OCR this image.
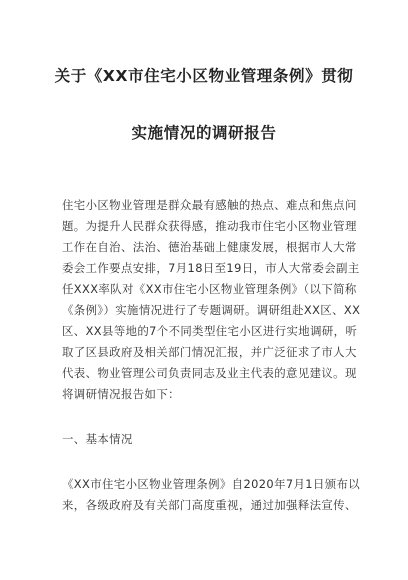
关于《XX市住宅小区物业管理条例》贯彻
实施情况的调研报告
住宅小区物业管理是群众最有感触的热点、难点和焦点问
题。为提升人民群众获得感，推动我市住宅小区物业管理
工作在自治、法治、德治基础上健康发展，根据市人大常
委会工作要点安排，7月18日至19日，市人大常委会副主
任XXX率队对《XX市住宅小区物业管理条例》（以下简称
《条例》）实施情况进行了专题调研。调研组赴XX区、XX
区、XX县等地的7个不同类型住宅小区进行实地调研，听
取了区县政府及相关部门情况汇报，并广泛征求了市人大
代表、物业管理公司负责同志及业主代表的意见建议。现
将调研情况报告如下：
一、基本情况
《XX市住宅小区物业管理条例》自2020年7月1日颁布以
来，各级政府及有关部门高度重视，通过加强释法宣传、
